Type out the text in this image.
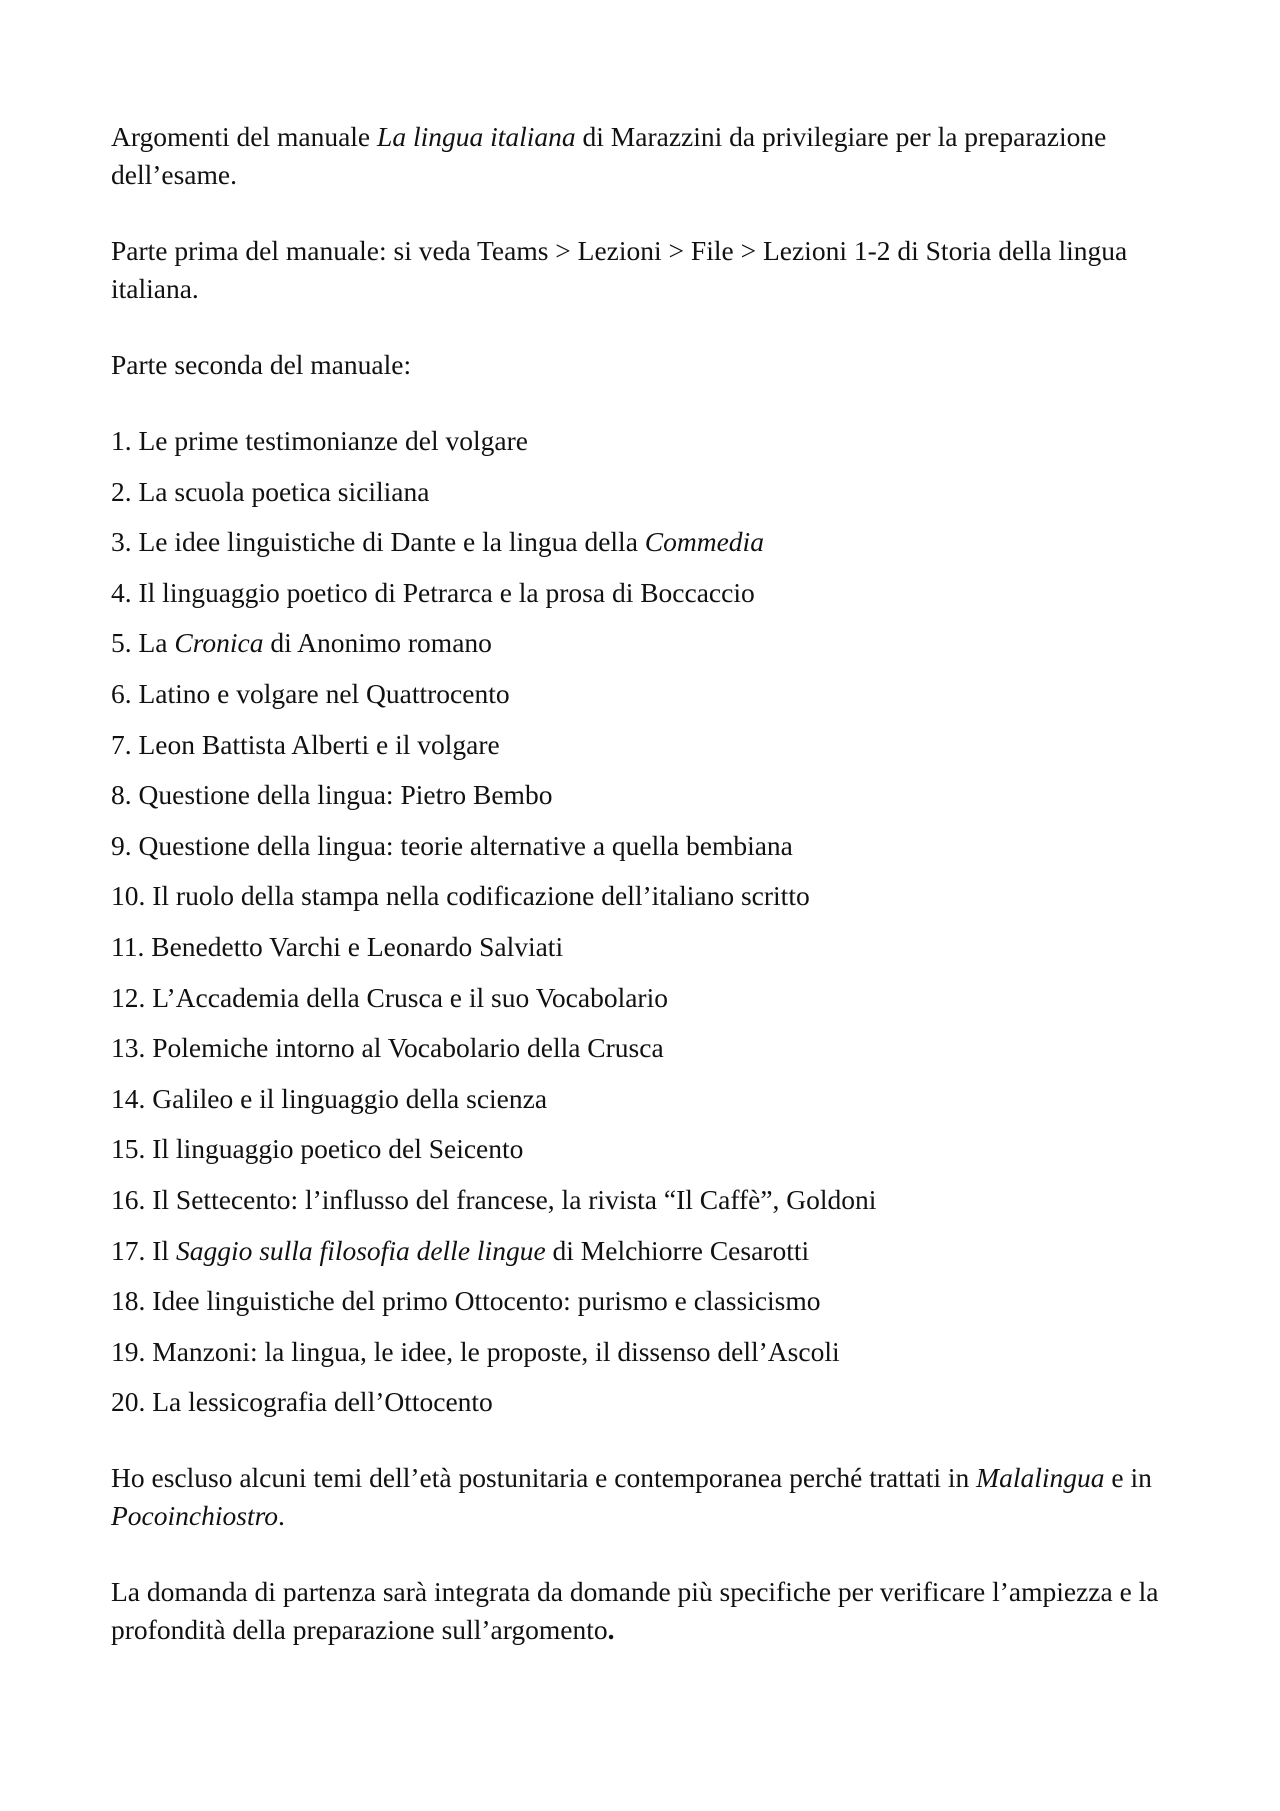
Argomenti del manuale La lingua italiana di Marazzini da privilegiare per la preparazione dell’esame.

Parte prima del manuale: si veda Teams > Lezioni > File > Lezioni 1-2 di Storia della lingua italiana.

Parte seconda del manuale:

1. Le prime testimonianze del volgare
2. La scuola poetica siciliana
3. Le idee linguistiche di Dante e la lingua della Commedia
4. Il linguaggio poetico di Petrarca e la prosa di Boccaccio
5. La Cronica di Anonimo romano
6. Latino e volgare nel Quattrocento
7. Leon Battista Alberti e il volgare
8. Questione della lingua: Pietro Bembo
9. Questione della lingua: teorie alternative a quella bembiana
10. Il ruolo della stampa nella codificazione dell’italiano scritto
11. Benedetto Varchi e Leonardo Salviati
12. L’Accademia della Crusca e il suo Vocabolario
13. Polemiche intorno al Vocabolario della Crusca
14. Galileo e il linguaggio della scienza
15. Il linguaggio poetico del Seicento
16. Il Settecento: l’influsso del francese, la rivista “Il Caffè”, Goldoni
17. Il Saggio sulla filosofia delle lingue di Melchiorre Cesarotti
18. Idee linguistiche del primo Ottocento: purismo e classicismo
19. Manzoni: la lingua, le idee, le proposte, il dissenso dell’Ascoli
20. La lessicografia dell’Ottocento

Ho escluso alcuni temi dell’età postunitaria e contemporanea perché trattati in Malalingua e in Pocoinchiostro.

La domanda di partenza sarà integrata da domande più specifiche per verificare l’ampiezza e la profondità della preparazione sull’argomento.
